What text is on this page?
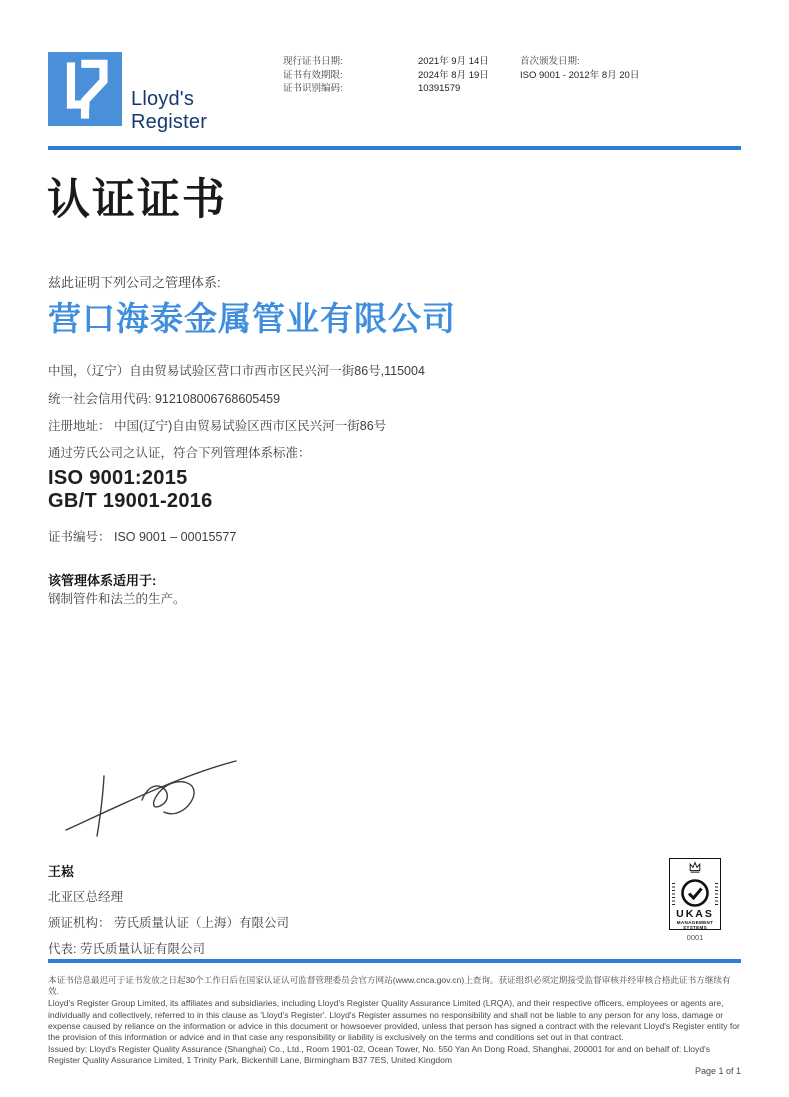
Lloyd's
Register
现行证书日期:
证书有效期限:
证书识别编码:
2021年 9月 14日
2024年 8月 19日
10391579
首次颁发日期:
ISO 9001 - 2012年 8月 20日
认证证书
兹此证明下列公司之管理体系:
营口海泰金属管业有限公司
中国，（辽宁）自由贸易试验区营口市西市区民兴河一街86号,115004
统一社会信用代码: 912108006768605459
注册地址： 中国(辽宁)自由贸易试验区西市区民兴河一街86号
通过劳氏公司之认证，符合下列管理体系标准：
ISO 9001:2015
GB/T 19001-2016
证书编号： ISO 9001 – 00015577
该管理体系适用于:
钢制管件和法兰的生产。
王崧
北亚区总经理
颁证机构： 劳氏质量认证（上海）有限公司
代表: 劳氏质量认证有限公司
UKAS
MANAGEMENT
SYSTEMS
0001

本证书信息最迟可于证书发放之日起30个工作日后在国家认证认可监督管理委员会官方网站(www.cnca.gov.cn)上查询。获证组织必须定期接受监督审核并经审核合格此证书方继续有效.

Lloyd's Register Group Limited, its affiliates and subsidiaries, including Lloyd's Register Quality Assurance Limited (LRQA), and their respective officers, employees or agents are, individually and collectively, referred to in this clause as 'Lloyd's Register'. Lloyd's Register assumes no responsibility and shall not be liable to any person for any loss, damage or expense caused by reliance on the information or advice in this document or howsoever provided, unless that person has signed a contract with the relevant Lloyd's Register entity for the provision of this information or advice and in that case any responsibility or liability is exclusively on the terms and conditions set out in that contract.

Issued by: Lloyd's Register Quality Assurance (Shanghai) Co., Ltd., Room 1901-02, Ocean Tower, No. 550 Yan An Dong Road, Shanghai, 200001 for and on behalf of: Lloyd's Register Quality Assurance Limited, 1 Trinity Park, Bickenhill Lane, Birmingham B37 7ES, United Kingdom

Page 1 of 1
